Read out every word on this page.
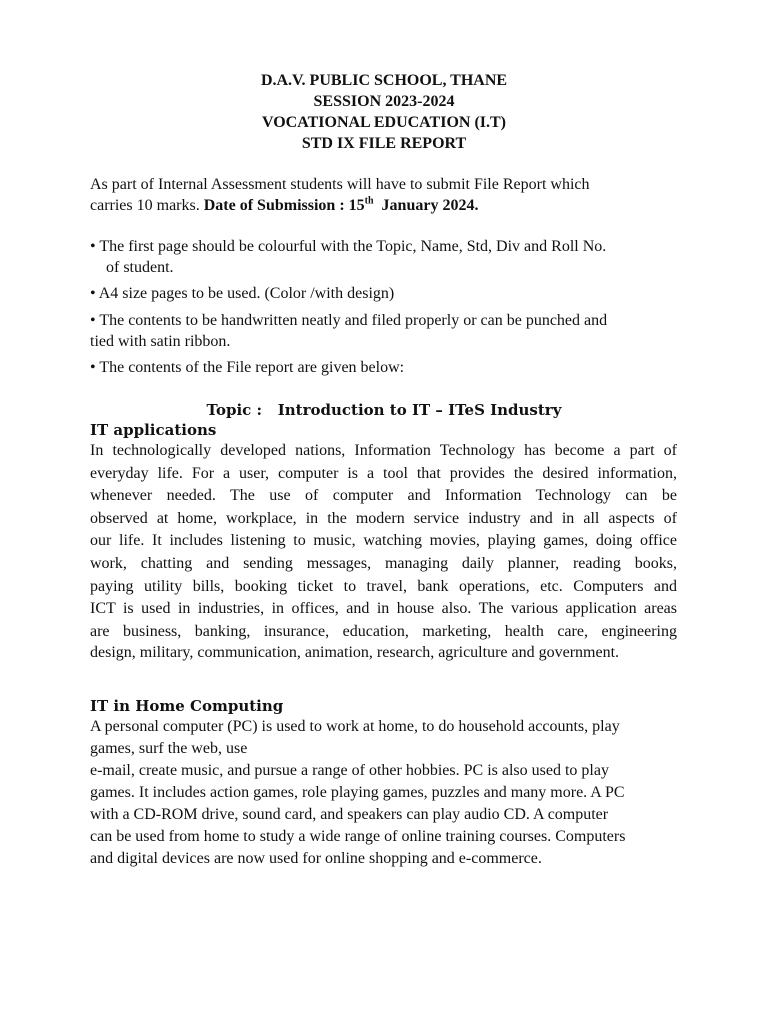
D.A.V. PUBLIC SCHOOL, THANE
SESSION 2023-2024
VOCATIONAL EDUCATION (I.T)
STD IX FILE REPORT
As part of Internal Assessment students will have to submit File Report which
carries 10 marks. Date of Submission : 15th  January 2024.
• The first page should be colourful with the Topic, Name, Std, Div and Roll No.
of student.
• A4 size pages to be used. (Color /with design)
• The contents to be handwritten neatly and filed properly or can be punched and
tied with satin ribbon.
• The contents of the File report are given below:
Topic :   Introduction to IT – ITeS Industry
IT applications
In technologically developed nations, Information Technology has become a part of
everyday life. For a user, computer is a tool that provides the desired information,
whenever needed. The use of computer and Information Technology can be
observed at home, workplace, in the modern service industry and in all aspects of
our life. It includes listening to music, watching movies, playing games, doing office
work, chatting and sending messages, managing daily planner, reading books,
paying utility bills, booking ticket to travel, bank operations, etc. Computers and
ICT is used in industries, in offices, and in house also. The various application areas
are business, banking, insurance, education, marketing, health care, engineering
design, military, communication, animation, research, agriculture and government.
IT in Home Computing
A personal computer (PC) is used to work at home, to do household accounts, play
games, surf the web, use
e-mail, create music, and pursue a range of other hobbies. PC is also used to play
games. It includes action games, role playing games, puzzles and many more. A PC
with a CD-ROM drive, sound card, and speakers can play audio CD. A computer
can be used from home to study a wide range of online training courses. Computers
and digital devices are now used for online shopping and e-commerce.
